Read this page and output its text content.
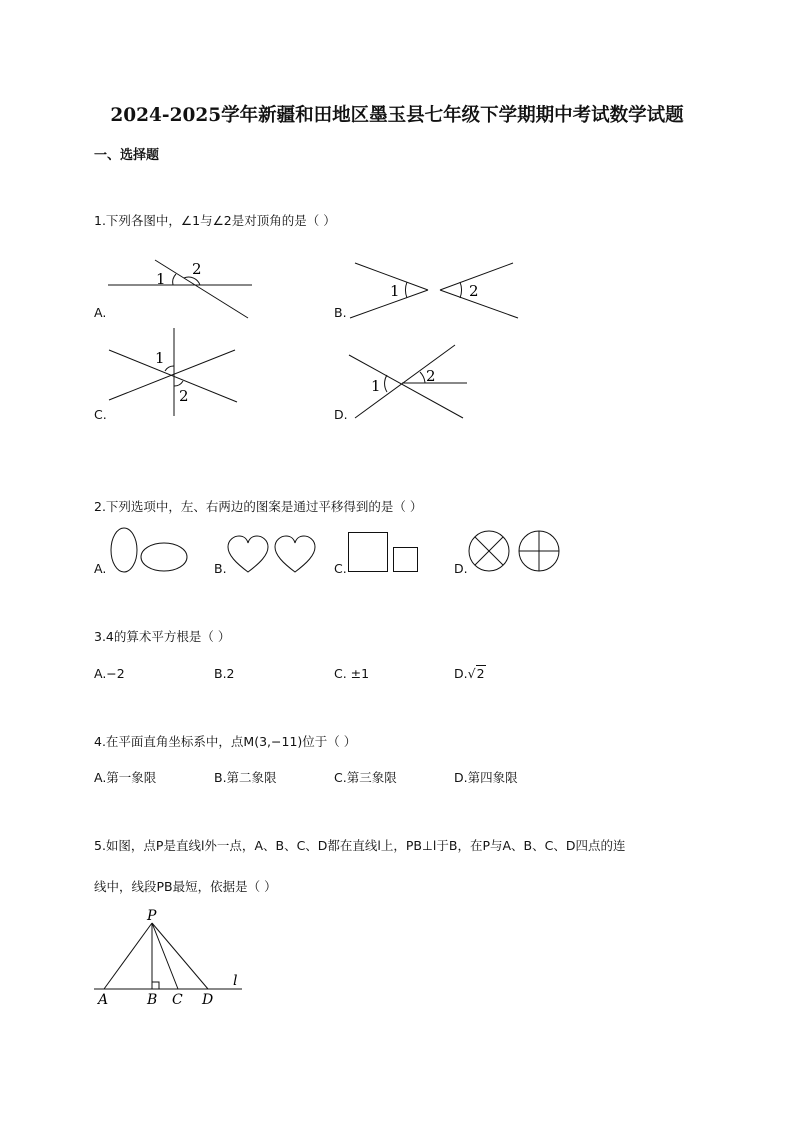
2024-2025学年新疆和田地区墨玉县七年级下学期期中考试数学试题
一、选择题
1.下列各图中，∠1与∠2是对顶角的是（ ）
A.
1
2
B.
1	2
C.
1
2
D.
1
2
2.下列选项中，左、右两边的图案是通过平移得到的是（ ）
A.	B.	C.	D.
3.4的算术平方根是（ ）
A.−2	B.2	C. ±1	D.√2
4.在平面直角坐标系中，点M(3,−11)位于（ ）
A.第一象限	B.第二象限	C.第三象限	D.第四象限
5.如图，点P是直线l外一点，A、B、C、D都在直线l上，PB⊥l于B，在P与A、B、C、D四点的连
线中，线段PB最短，依据是（ ）
P
A	B C D
l
